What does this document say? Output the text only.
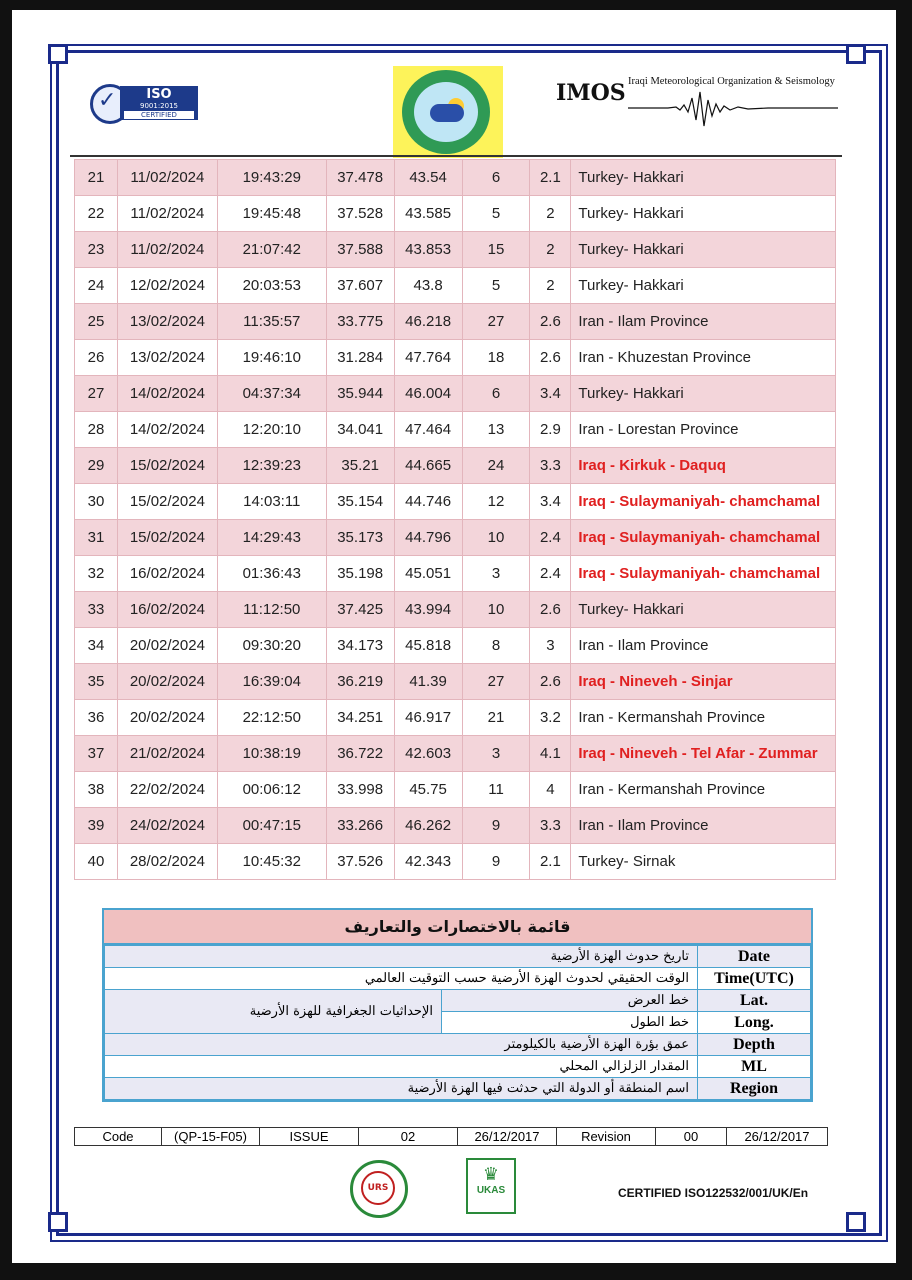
✓	ISO
9001:2015
CERTIFIED
IMOS Iraqi Meteorological Organization & Seismology
21	11/02/2024	19:43:29	37.478	43.54	6	2.1	Turkey- Hakkari
22	11/02/2024	19:45:48	37.528	43.585	5	2	Turkey- Hakkari
23	11/02/2024	21:07:42	37.588	43.853	15	2	Turkey- Hakkari
24	12/02/2024	20:03:53	37.607	43.8	5	2	Turkey- Hakkari
25	13/02/2024	11:35:57	33.775	46.218	27	2.6	Iran - Ilam Province
26	13/02/2024	19:46:10	31.284	47.764	18	2.6	Iran - Khuzestan Province
27	14/02/2024	04:37:34	35.944	46.004	6	3.4	Turkey- Hakkari
28	14/02/2024	12:20:10	34.041	47.464	13	2.9	Iran - Lorestan Province
29	15/02/2024	12:39:23	35.21	44.665	24	3.3	Iraq - Kirkuk - Daquq
30	15/02/2024	14:03:11	35.154	44.746	12	3.4	Iraq - Sulaymaniyah- chamchamal
31	15/02/2024	14:29:43	35.173	44.796	10	2.4	Iraq - Sulaymaniyah- chamchamal
32	16/02/2024	01:36:43	35.198	45.051	3	2.4	Iraq - Sulaymaniyah- chamchamal
33	16/02/2024	11:12:50	37.425	43.994	10	2.6	Turkey- Hakkari
34	20/02/2024	09:30:20	34.173	45.818	8	3	Iran - Ilam Province
35	20/02/2024	16:39:04	36.219	41.39	27	2.6	Iraq - Nineveh - Sinjar
36	20/02/2024	22:12:50	34.251	46.917	21	3.2	Iran - Kermanshah Province
37	21/02/2024	10:38:19	36.722	42.603	3	4.1	Iraq - Nineveh - Tel Afar - Zummar
38	22/02/2024	00:06:12	33.998	45.75	11	4	Iran - Kermanshah Province
39	24/02/2024	00:47:15	33.266	46.262	9	3.3	Iran - Ilam Province
40	28/02/2024	10:45:32	37.526	42.343	9	2.1	Turkey- Sirnak
قائمة بالاختصارات والتعاريف
تاريخ حدوث الهزة الأرضية		Date
الوقت الحقيقي لحدوث الهزة الأرضية حسب التوقيت العالمي		Time(UTC)
الإحداثيات الجغرافية للهزة الأرضية	خط العرض	Lat.
	خط الطول	Long.
عمق بؤرة الهزة الأرضية بالكيلومتر		Depth
المقدار الزلزالي المحلي		ML
اسم المنطقة أو الدولة التي حدثت فيها الهزة الأرضية		Region
Code	(QP-15-F05)	ISSUE	02	26/12/2017	Revision	00	26/12/2017
URS
♛
UKAS	CERTIFIED ISO122532/001/UK/En
